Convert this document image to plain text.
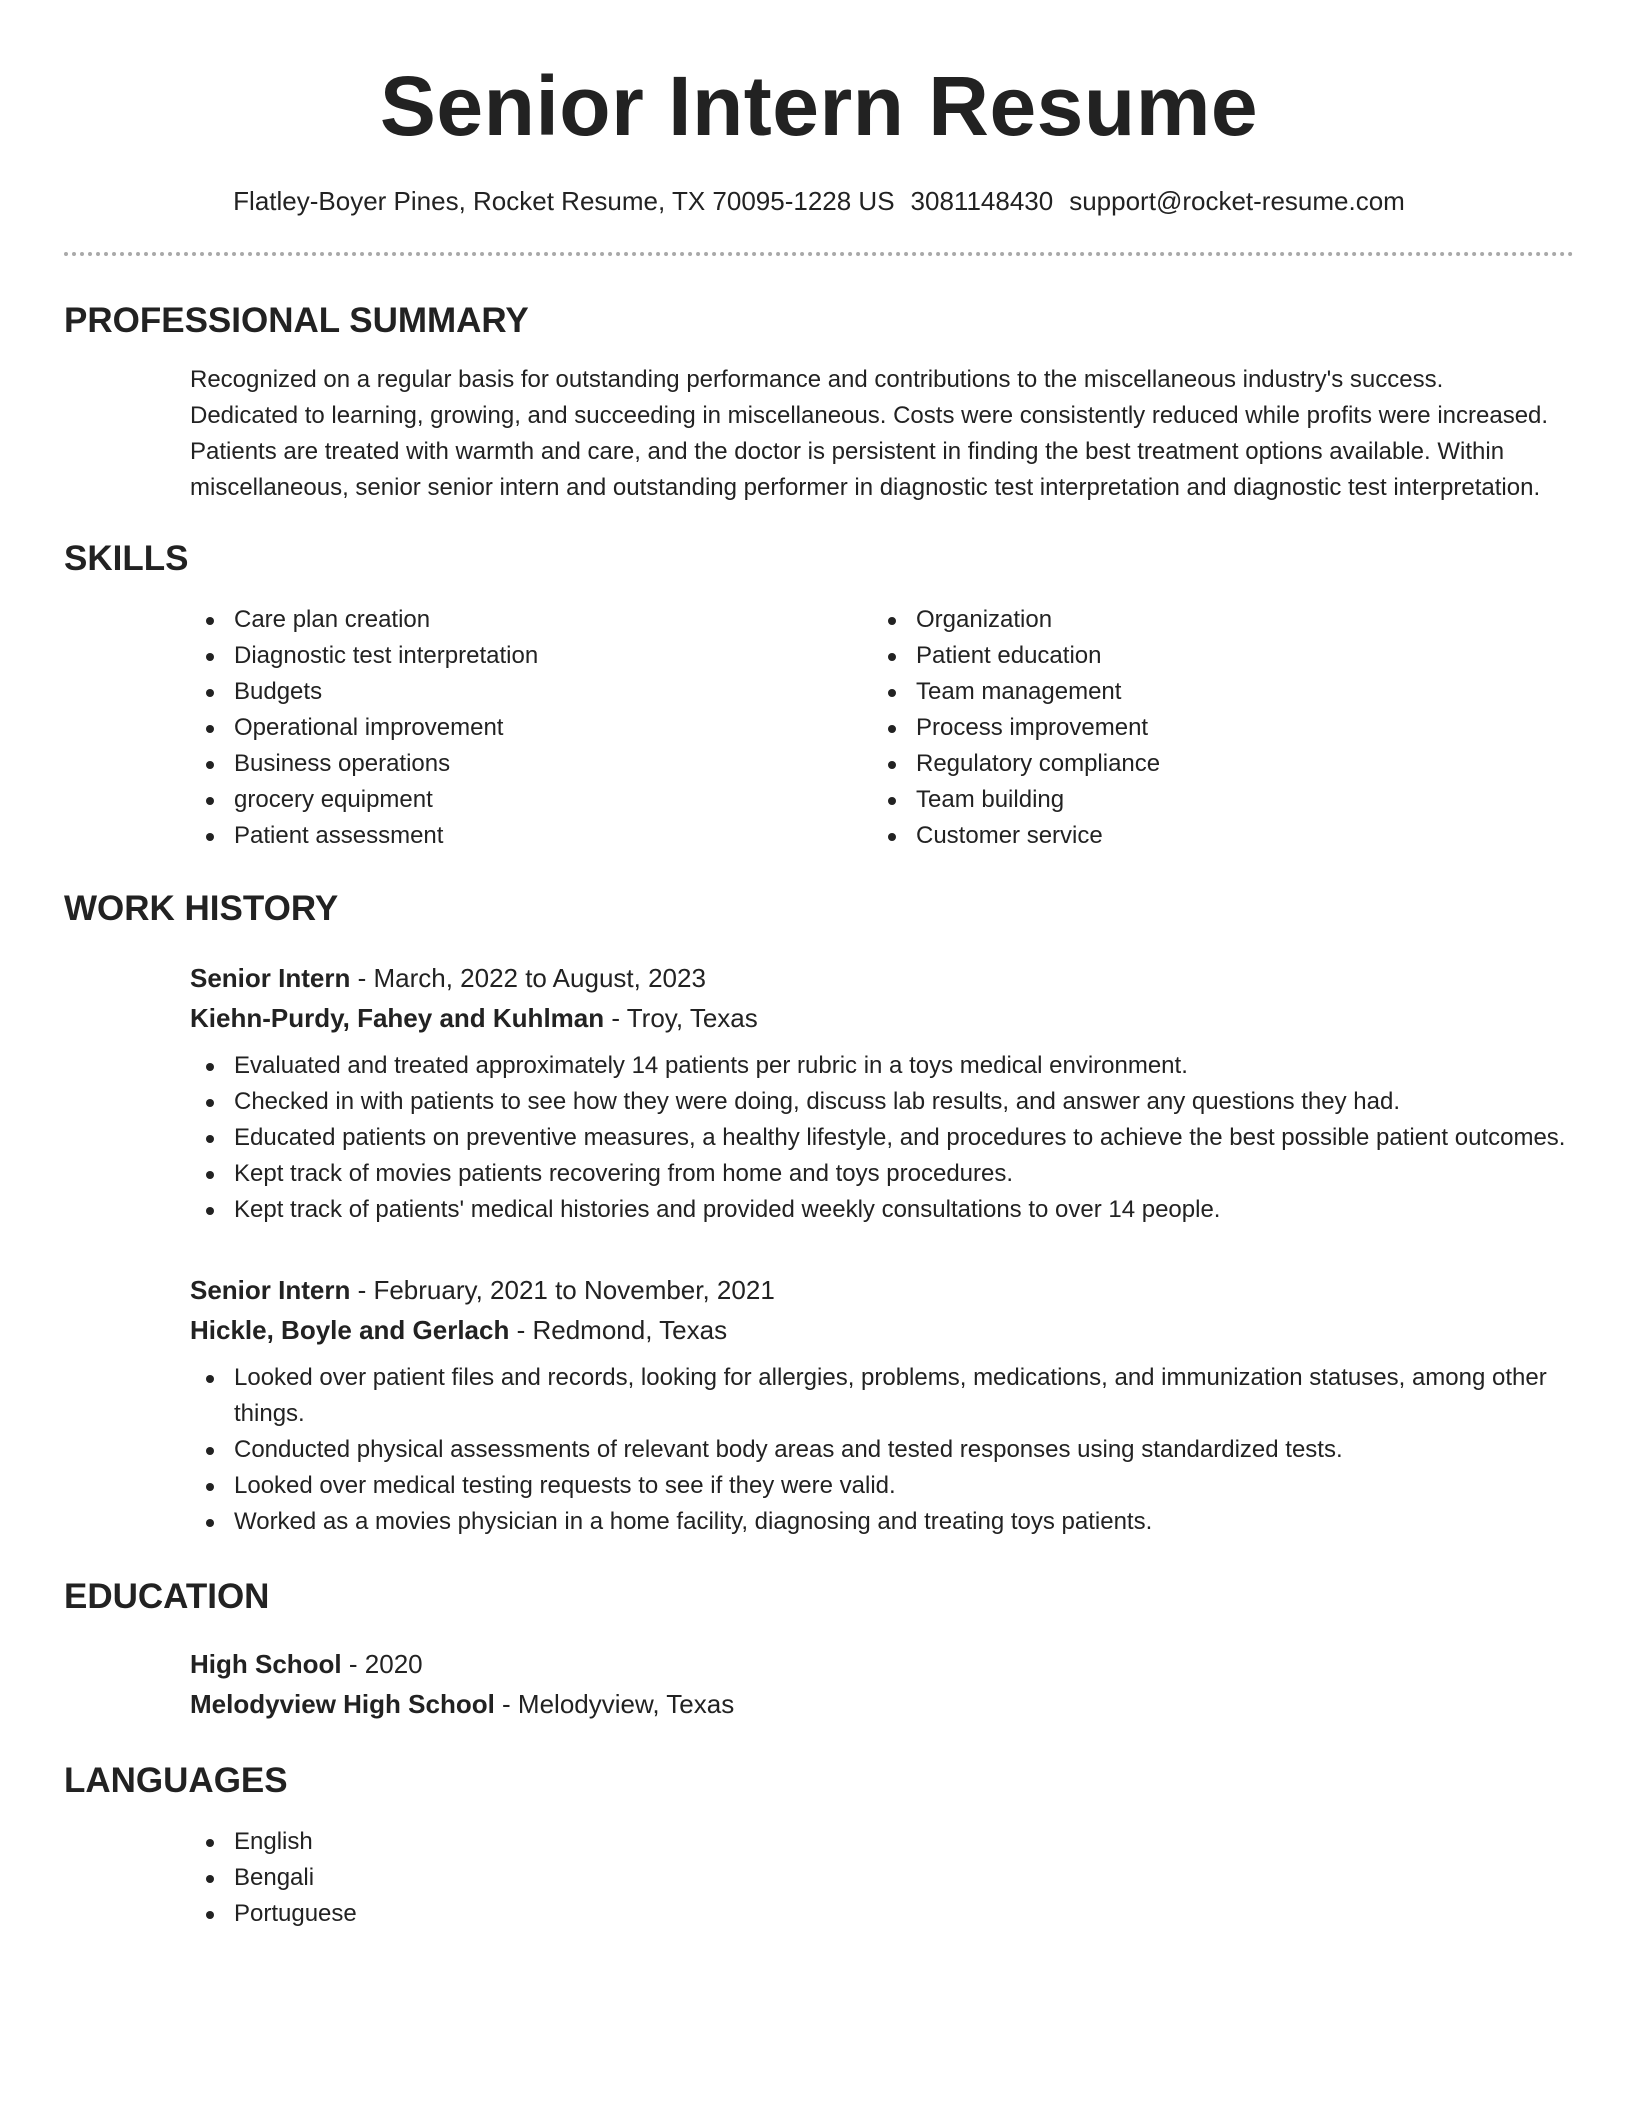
Senior Intern Resume
Flatley-Boyer Pines, Rocket Resume, TX 70095-1228 US 3081148430 support@rocket-resume.com
PROFESSIONAL SUMMARY
Recognized on a regular basis for outstanding performance and contributions to the miscellaneous industry's success. Dedicated to learning, growing, and succeeding in miscellaneous. Costs were consistently reduced while profits were increased. Patients are treated with warmth and care, and the doctor is persistent in finding the best treatment options available. Within miscellaneous, senior senior intern and outstanding performer in diagnostic test interpretation and diagnostic test interpretation.
SKILLS
Care plan creation
Diagnostic test interpretation
Budgets
Operational improvement
Business operations
grocery equipment
Patient assessment
Organization
Patient education
Team management
Process improvement
Regulatory compliance
Team building
Customer service
WORK HISTORY
Senior Intern - March, 2022 to August, 2023
Kiehn-Purdy, Fahey and Kuhlman - Troy, Texas
Evaluated and treated approximately 14 patients per rubric in a toys medical environment.
Checked in with patients to see how they were doing, discuss lab results, and answer any questions they had.
Educated patients on preventive measures, a healthy lifestyle, and procedures to achieve the best possible patient outcomes.
Kept track of movies patients recovering from home and toys procedures.
Kept track of patients' medical histories and provided weekly consultations to over 14 people.
Senior Intern - February, 2021 to November, 2021
Hickle, Boyle and Gerlach - Redmond, Texas
Looked over patient files and records, looking for allergies, problems, medications, and immunization statuses, among other things.
Conducted physical assessments of relevant body areas and tested responses using standardized tests.
Looked over medical testing requests to see if they were valid.
Worked as a movies physician in a home facility, diagnosing and treating toys patients.
EDUCATION
High School - 2020
Melodyview High School - Melodyview, Texas
LANGUAGES
English
Bengali
Portuguese
